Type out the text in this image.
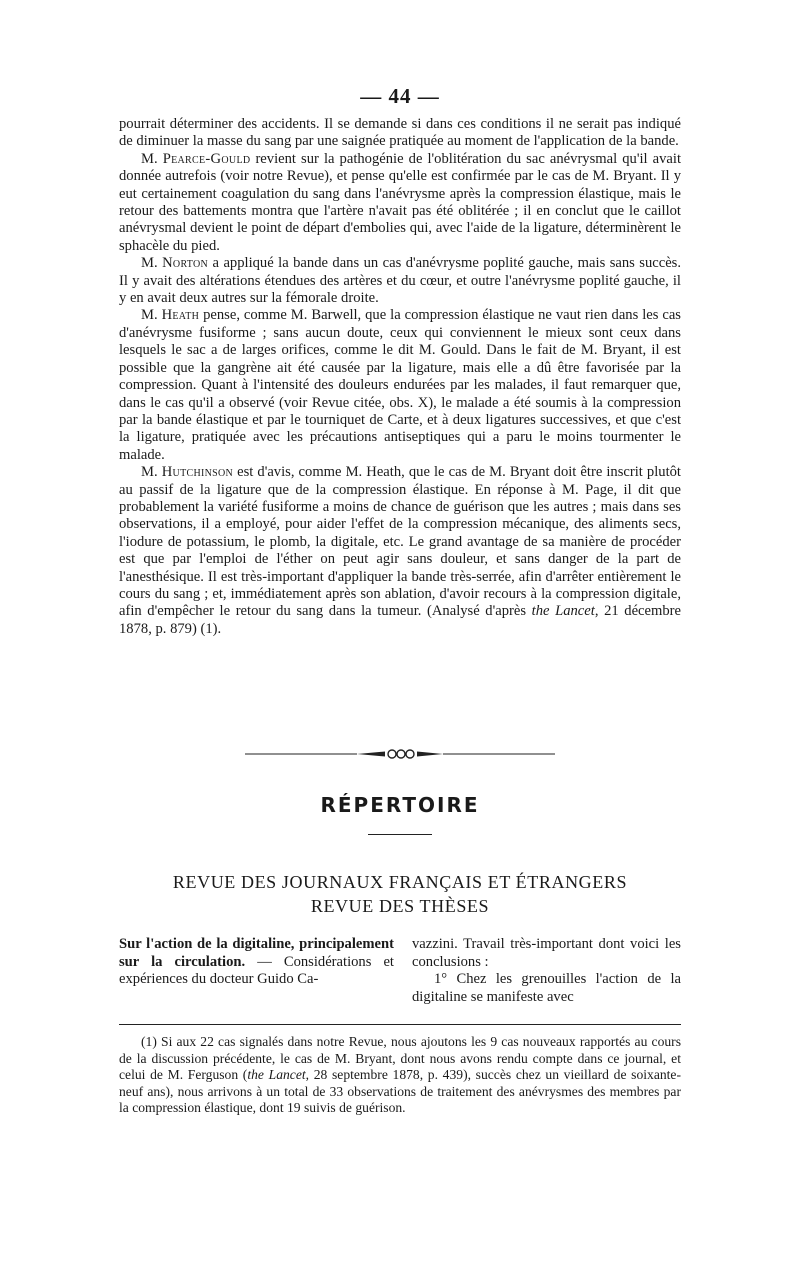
— 44 —

pourrait déterminer des accidents. Il se demande si dans ces conditions il ne serait pas indiqué de diminuer la masse du sang par une saignée pratiquée au moment de l'application de la bande.

M. Pearce-Gould revient sur la pathogénie de l'oblitération du sac anévrysmal qu'il avait donnée autrefois (voir notre Revue), et pense qu'elle est confirmée par le cas de M. Bryant. Il y eut certainement coagulation du sang dans l'anévrysme après la compression élastique, mais le retour des battements montra que l'artère n'avait pas été oblitérée ; il en conclut que le caillot anévrysmal devient le point de départ d'embolies qui, avec l'aide de la ligature, déterminèrent le sphacèle du pied.

M. Norton a appliqué la bande dans un cas d'anévrysme poplité gauche, mais sans succès. Il y avait des altérations étendues des artères et du cœur, et outre l'anévrysme poplité gauche, il y en avait deux autres sur la fémorale droite.

M. Heath pense, comme M. Barwell, que la compression élastique ne vaut rien dans les cas d'anévrysme fusiforme ; sans aucun doute, ceux qui conviennent le mieux sont ceux dans lesquels le sac a de larges orifices, comme le dit M. Gould. Dans le fait de M. Bryant, il est possible que la gangrène ait été causée par la ligature, mais elle a dû être favorisée par la compression. Quant à l'intensité des douleurs endurées par les malades, il faut remarquer que, dans le cas qu'il a observé (voir Revue citée, obs. X), le malade a été soumis à la compression par la bande élastique et par le tourniquet de Carte, et à deux ligatures successives, et que c'est la ligature, pratiquée avec les précautions antiseptiques qui a paru le moins tourmenter le malade.

M. Hutchinson est d'avis, comme M. Heath, que le cas de M. Bryant doit être inscrit plutôt au passif de la ligature que de la compression élastique. En réponse à M. Page, il dit que probablement la variété fusiforme a moins de chance de guérison que les autres ; mais dans ses observations, il a employé, pour aider l'effet de la compression mécanique, des aliments secs, l'iodure de potassium, le plomb, la digitale, etc. Le grand avantage de sa manière de procéder est que par l'emploi de l'éther on peut agir sans douleur, et sans danger de la part de l'anesthésique. Il est très-important d'appliquer la bande très-serrée, afin d'arrêter entièrement le cours du sang ; et, immédiatement après son ablation, d'avoir recours à la compression digitale, afin d'empêcher le retour du sang dans la tumeur. (Analysé d'après the Lancet, 21 décembre 1878, p. 879) (1).

RÉPERTOIRE
REVUE DES JOURNAUX FRANÇAIS ET ÉTRANGERS
REVUE DES THÈSES
Sur l'action de la digitaline, principalement sur la circulation. — Considérations et expériences du docteur Guido Ca-
vazzini. Travail très-important dont voici les conclusions :
1° Chez les grenouilles l'action de la digitaline se manifeste avec

(1) Si aux 22 cas signalés dans notre Revue, nous ajoutons les 9 cas nouveaux rapportés au cours de la discussion précédente, le cas de M. Bryant, dont nous avons rendu compte dans ce journal, et celui de M. Ferguson (the Lancet, 28 septembre 1878, p. 439), succès chez un vieillard de soixante-neuf ans), nous arrivons à un total de 33 observations de traitement des anévrysmes des membres par la compression élastique, dont 19 suivis de guérison.
